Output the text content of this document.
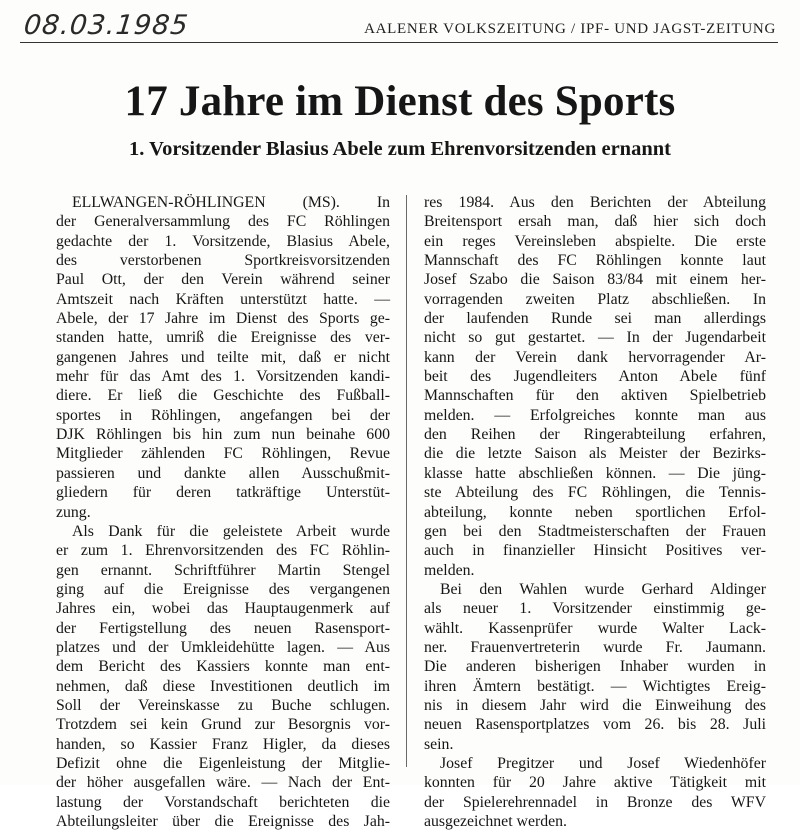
08.03.1985	AALENER VOLKSZEITUNG / IPF- UND JAGST-ZEITUNG
17 Jahre im Dienst des Sports
1. Vorsitzender Blasius Abele zum Ehrenvorsitzenden ernannt
ELLWANGEN-RÖHLINGEN (MS). In
der Generalversammlung des FC Röhlingen
gedachte der 1. Vorsitzende, Blasius Abele,
des verstorbenen Sportkreisvorsitzenden
Paul Ott, der den Verein während seiner
Amtszeit nach Kräften unterstützt hatte. —
Abele, der 17 Jahre im Dienst des Sports ge-
standen hatte, umriß die Ereignisse des ver-
gangenen Jahres und teilte mit, daß er nicht
mehr für das Amt des 1. Vorsitzenden kandi-
diere. Er ließ die Geschichte des Fußball-
sportes in Röhlingen, angefangen bei der
DJK Röhlingen bis hin zum nun beinahe 600
Mitglieder zählenden FC Röhlingen, Revue
passieren und dankte allen Ausschußmit-
gliedern für deren tatkräftige Unterstüt-
zung.
Als Dank für die geleistete Arbeit wurde
er zum 1. Ehrenvorsitzenden des FC Röhlin-
gen ernannt. Schriftführer Martin Stengel
ging auf die Ereignisse des vergangenen
Jahres ein, wobei das Hauptaugenmerk auf
der Fertigstellung des neuen Rasensport-
platzes und der Umkleidehütte lagen. — Aus
dem Bericht des Kassiers konnte man ent-
nehmen, daß diese Investitionen deutlich im
Soll der Vereinskasse zu Buche schlugen.
Trotzdem sei kein Grund zur Besorgnis vor-
handen, so Kassier Franz Higler, da dieses
Defizit ohne die Eigenleistung der Mitglie-
der höher ausgefallen wäre. — Nach der Ent-
lastung der Vorstandschaft berichteten die
Abteilungsleiter über die Ereignisse des Jah-
res 1984. Aus den Berichten der Abteilung
Breitensport ersah man, daß hier sich doch
ein reges Vereinsleben abspielte. Die erste
Mannschaft des FC Röhlingen konnte laut
Josef Szabo die Saison 83/84 mit einem her-
vorragenden zweiten Platz abschließen. In
der laufenden Runde sei man allerdings
nicht so gut gestartet. — In der Jugendarbeit
kann der Verein dank hervorragender Ar-
beit des Jugendleiters Anton Abele fünf
Mannschaften für den aktiven Spielbetrieb
melden. — Erfolgreiches konnte man aus
den Reihen der Ringerabteilung erfahren,
die die letzte Saison als Meister der Bezirks-
klasse hatte abschließen können. — Die jüng-
ste Abteilung des FC Röhlingen, die Tennis-
abteilung, konnte neben sportlichen Erfol-
gen bei den Stadtmeisterschaften der Frauen
auch in finanzieller Hinsicht Positives ver-
melden.
Bei den Wahlen wurde Gerhard Aldinger
als neuer 1. Vorsitzender einstimmig ge-
wählt. Kassenprüfer wurde Walter Lack-
ner. Frauenvertreterin wurde Fr. Jaumann.
Die anderen bisherigen Inhaber wurden in
ihren Ämtern bestätigt. — Wichtigtes Ereig-
nis in diesem Jahr wird die Einweihung des
neuen Rasensportplatzes vom 26. bis 28. Juli
sein.
Josef Pregitzer und Josef Wiedenhöfer
konnten für 20 Jahre aktive Tätigkeit mit
der Spielerehrennadel in Bronze des WFV
ausgezeichnet werden.
